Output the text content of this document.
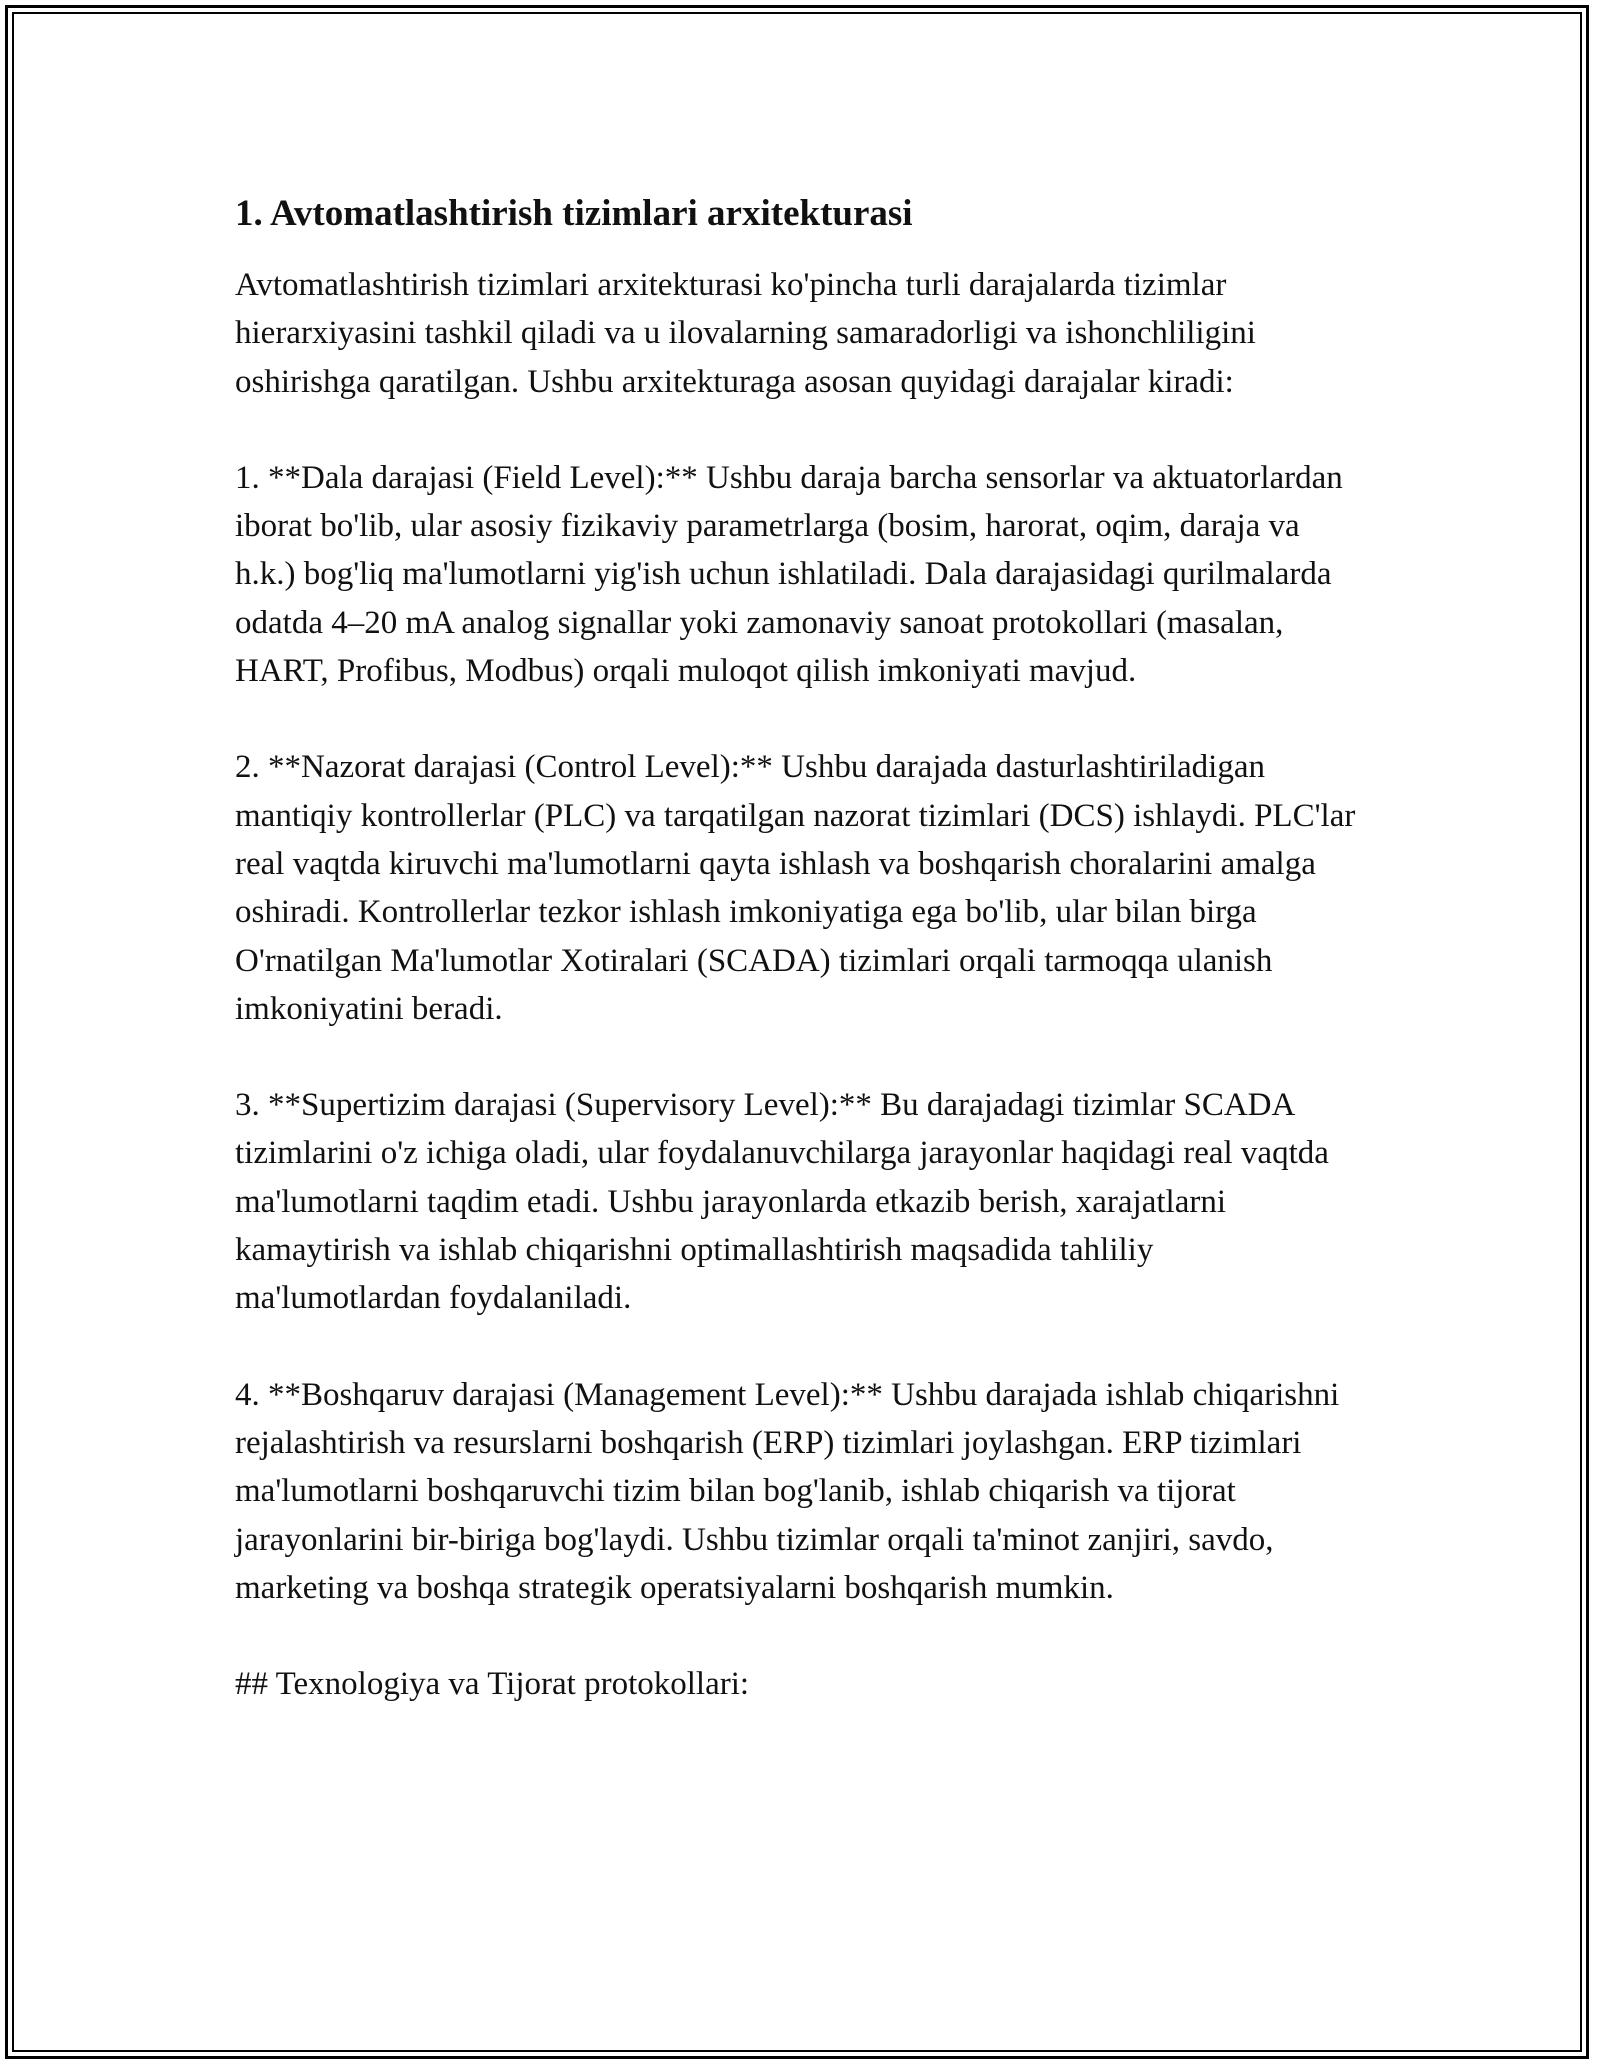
1. Avtomatlashtirish tizimlari arxitekturasi

Avtomatlashtirish tizimlari arxitekturasi ko'pincha turli darajalarda tizimlar hierarxiyasini tashkil qiladi va u ilovalarning samaradorligi va ishonchliligini oshirishga qaratilgan. Ushbu arxitekturaga asosan quyidagi darajalar kiradi:

1. **Dala darajasi (Field Level):** Ushbu daraja barcha sensorlar va aktuatorlardan iborat bo'lib, ular asosiy fizikaviy parametrlarga (bosim, harorat, oqim, daraja va h.k.) bog'liq ma'lumotlarni yig'ish uchun ishlatiladi. Dala darajasidagi qurilmalarda odatda 4–20 mA analog signallar yoki zamonaviy sanoat protokollari (masalan, HART, Profibus, Modbus) orqali muloqot qilish imkoniyati mavjud.

2. **Nazorat darajasi (Control Level):** Ushbu darajada dasturlashtiriladigan mantiqiy kontrollerlar (PLC) va tarqatilgan nazorat tizimlari (DCS) ishlaydi. PLC'lar real vaqtda kiruvchi ma'lumotlarni qayta ishlash va boshqarish choralarini amalga oshiradi. Kontrollerlar tezkor ishlash imkoniyatiga ega bo'lib, ular bilan birga O'rnatilgan Ma'lumotlar Xotiralari (SCADA) tizimlari orqali tarmoqqa ulanish imkoniyatini beradi.

3. **Supertizim darajasi (Supervisory Level):** Bu darajadagi tizimlar SCADA tizimlarini o'z ichiga oladi, ular foydalanuvchilarga jarayonlar haqidagi real vaqtda ma'lumotlarni taqdim etadi. Ushbu jarayonlarda etkazib berish, xarajatlarni kamaytirish va ishlab chiqarishni optimallashtirish maqsadida tahliliy ma'lumotlardan foydalaniladi.

4. **Boshqaruv darajasi (Management Level):** Ushbu darajada ishlab chiqarishni rejalashtirish va resurslarni boshqarish (ERP) tizimlari joylashgan. ERP tizimlari ma'lumotlarni boshqaruvchi tizim bilan bog'lanib, ishlab chiqarish va tijorat jarayonlarini bir-biriga bog'laydi. Ushbu tizimlar orqali ta'minot zanjiri, savdo, marketing va boshqa strategik operatsiyalarni boshqarish mumkin.

## Texnologiya va Tijorat protokollari:
